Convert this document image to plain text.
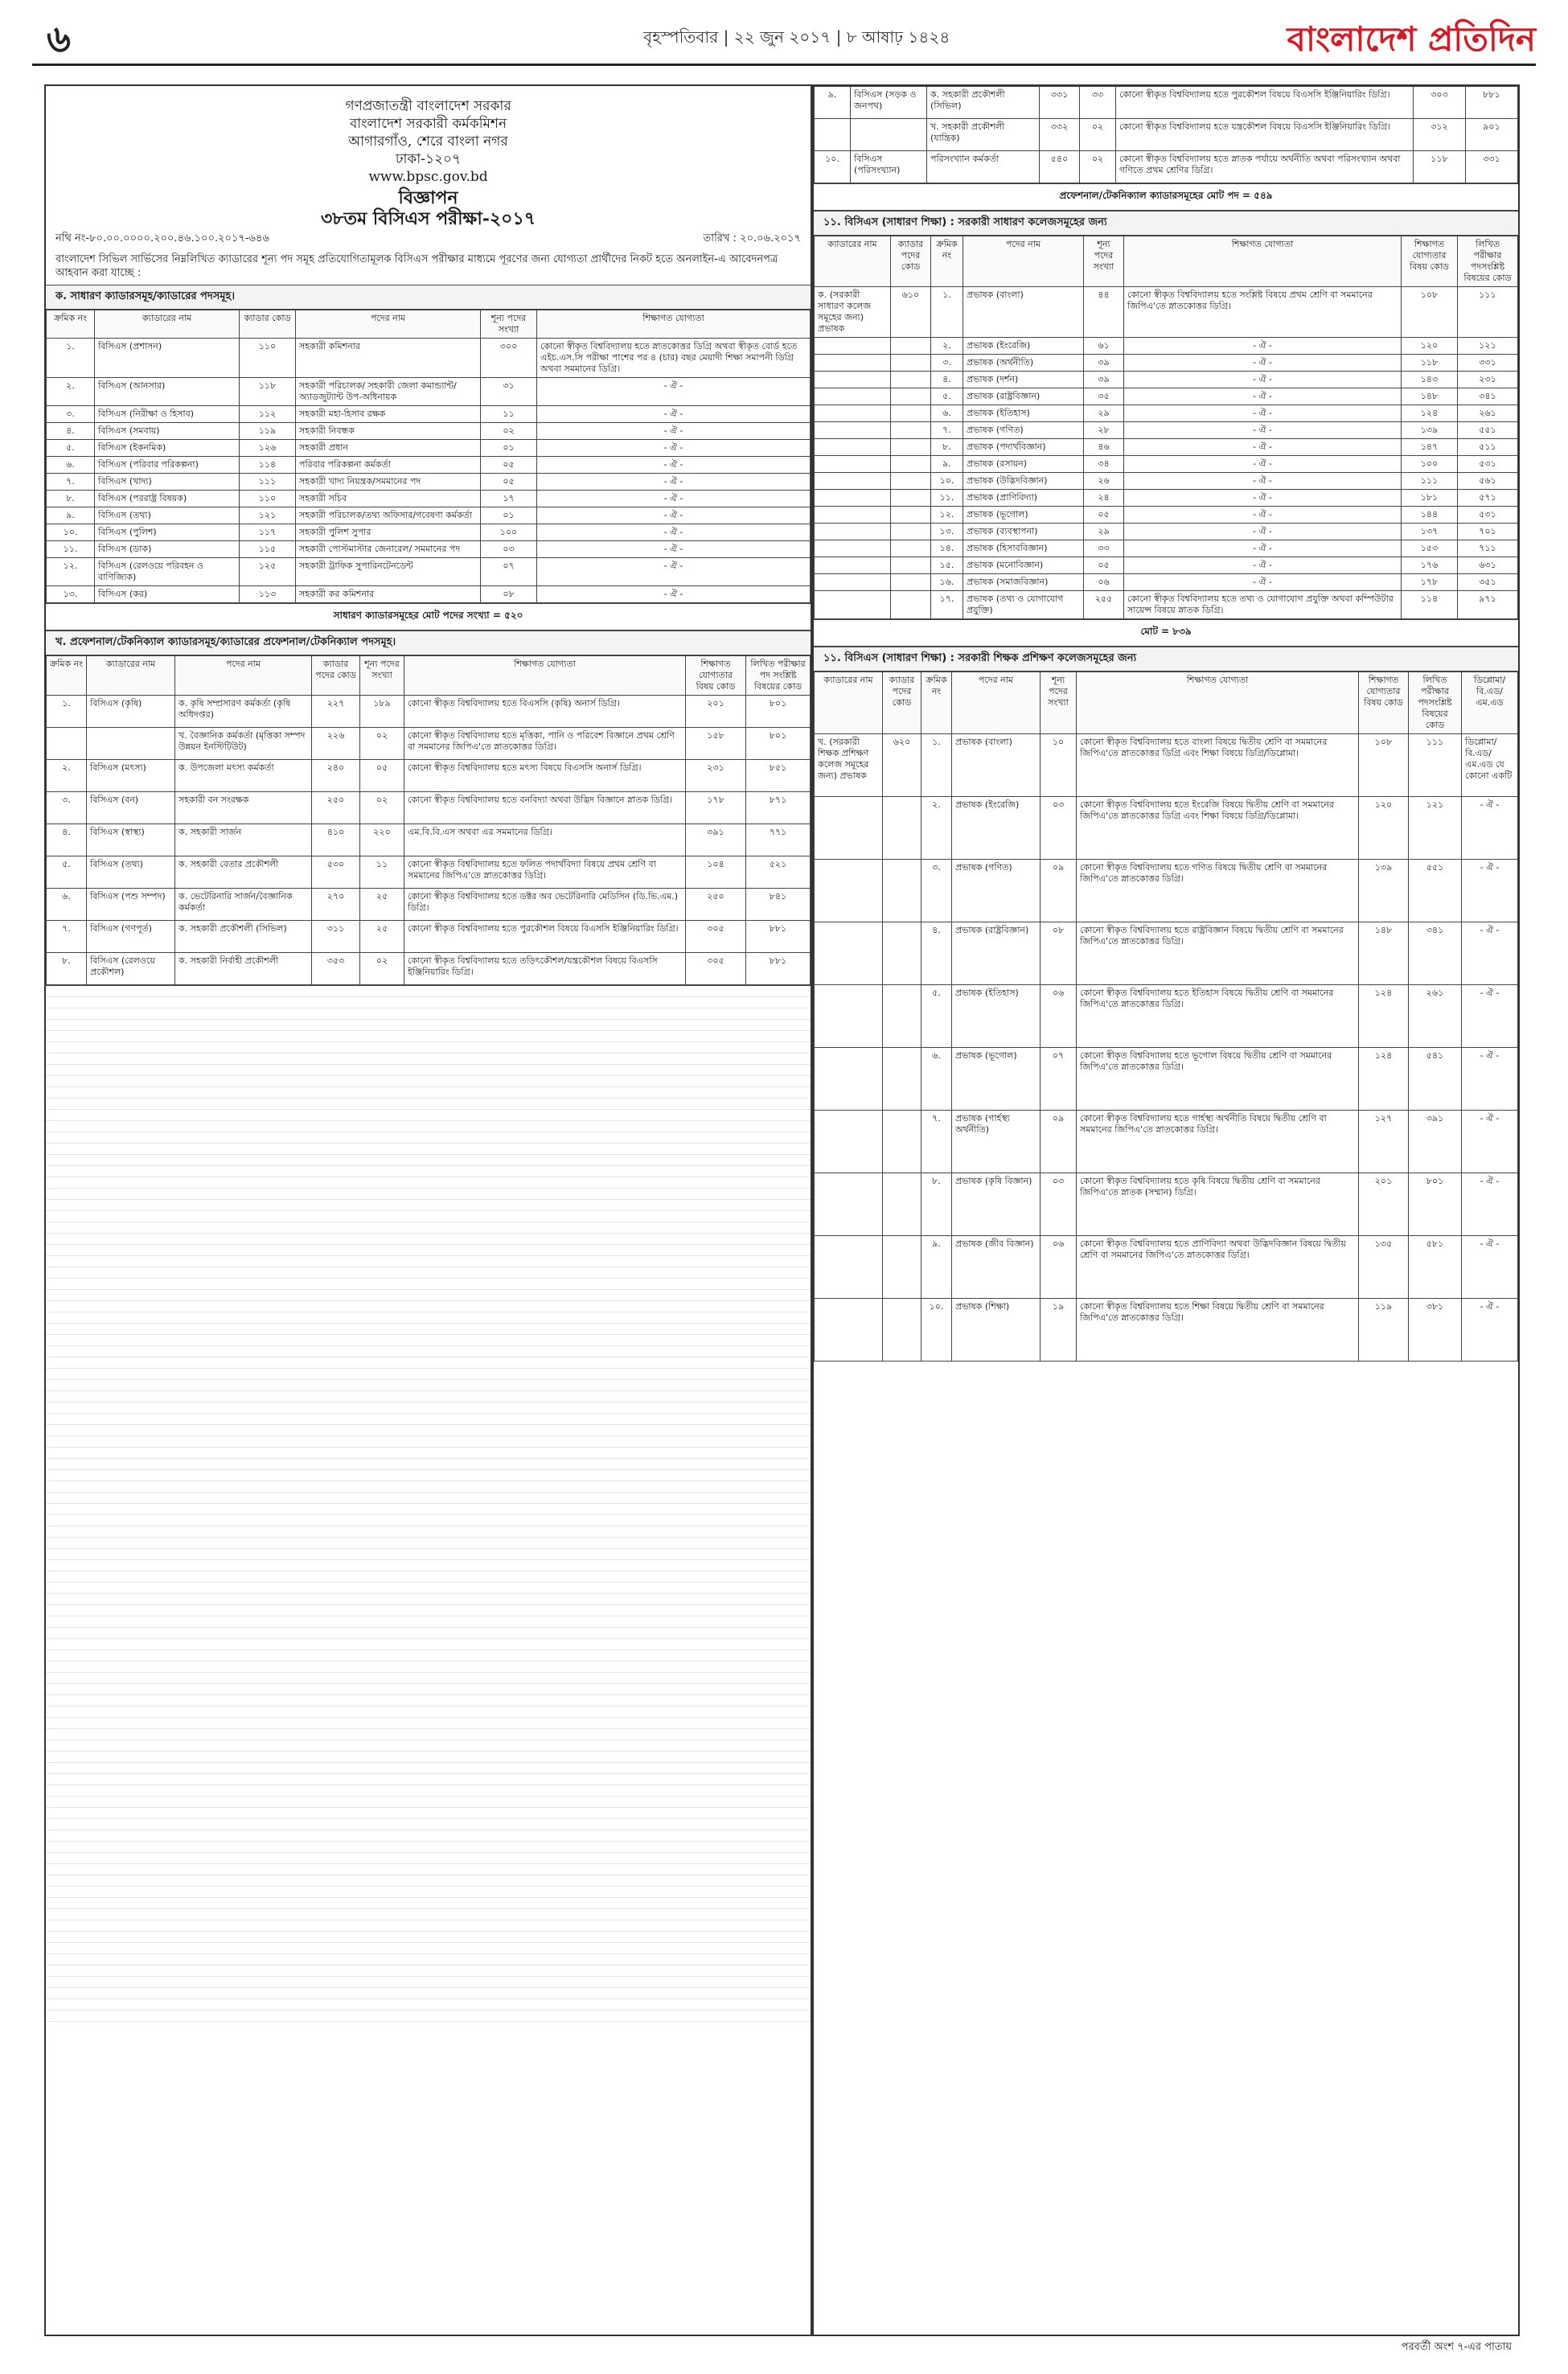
৬	বৃহস্পতিবার | ২২ জুন ২০১৭ | ৮ আষাঢ় ১৪২৪	বাংলাদেশ প্রতিদিন
গণপ্রজাতন্ত্রী বাংলাদেশ সরকার
বাংলাদেশ সরকারী কর্মকমিশন
আগারগাঁও, শেরে বাংলা নগর
ঢাকা-১২০৭
www.bpsc.gov.bd
বিজ্ঞাপন
৩৮তম বিসিএস পরীক্ষা-২০১৭
নথি নং-৮০.০০.০০০০.২০০.৪৬.১০০.২০১৭-৬৪৬	তারিখ : ২০.০৬.২০১৭
বাংলাদেশ সিভিল সার্ভিসের নিম্নলিখিত ক্যাডারের শূন্য পদ সমূহ প্রতিযোগিতামূলক বিসিএস পরীক্ষার মাধ্যমে পূরণের জন্য যোগ্যতা প্রার্থীদের নিকট হতে অনলাইন-এ আবেদনপত্র আহবান করা যাচ্ছে :
ক. সাধারণ ক্যাডারসমূহ/ক্যাডারের পদসমূহ।
ক্রমিক নং	ক্যাডারের নাম	ক্যাডার কোড	পদের নাম	শূন্য পদের সংখ্যা	শিক্ষাগত যোগ্যতা
১.	বিসিএস (প্রশাসন)	১১০	সহকারী কমিশনার	৩০০	কোনো স্বীকৃত বিশ্ববিদ্যালয় হতে স্নাতকোত্তর ডিগ্রি অথবা স্বীকৃত বোর্ড হতে এইচ.এস.সি পরীক্ষা পাশের পর ৪ (চার) বছর মেয়াদী শিক্ষা সমাপনী ডিগ্রি অথবা সমমানের ডিগ্রি।
২.	বিসিএস (আনসার)	১১৮	সহকারী পরিচালক/ সহকারী জেলা কমান্ড্যান্ট/অ্যাডজুট্যান্ট উপ-অধিনায়ক	৩১	- ঐ -
৩.	বিসিএস (নিরীক্ষা ও হিসাব)	১১২	সহকারী মহা-হিসাব রক্ষক	১১	- ঐ -
৪.	বিসিএস (সমবায়)	১১৯	সহকারী নিবন্ধক	০২	- ঐ -
৫.	বিসিএস (ইকনমিক)	১২৬	সহকারী প্রধান	০১	- ঐ -
৬.	বিসিএস (পরিবার পরিকল্পনা)	১১৪	পরিবার পরিকল্পনা কর্মকর্তা	০৫	- ঐ -
৭.	বিসিএস (খাদ্য)	১১১	সহকারী খাদ্য নিয়ন্ত্রক/সমমানের পদ	০৫	- ঐ -
৮.	বিসিএস (পররাষ্ট্র বিষয়ক)	১১০	সহকারী সচিব	১৭	- ঐ -
৯.	বিসিএস (তথ্য)	১২১	সহকারী পরিচালক/তথ্য অফিসার/গবেষণা কর্মকর্তা	০১	- ঐ -
১০.	বিসিএস (পুলিশ)	১১৭	সহকারী পুলিশ সুপার	১০০	- ঐ -
১১.	বিসিএস (ডাক)	১১৫	সহকারী পোস্টমাস্টার জেনারেল/ সমমানের পদ	০৩	- ঐ -
১২.	বিসিএস (রেলওয়ে পরিবহন ও বাণিজ্যিক)	১২৫	সহকারী ট্রাফিক সুপারিনটেনডেন্ট	০৭	- ঐ -
১৩.	বিসিএস (কর)	১১৩	সহকারী কর কমিশনার	০৮	- ঐ -
সাধারণ ক্যাডারসমূহের মোট পদের সংখ্যা = ৫২০
খ. প্রফেশনাল/টেকনিক্যাল ক্যাডারসমূহ/ক্যাডারের প্রফেশনাল/টেকনিক্যাল পদসমূহ।
ক্রমিক নং	ক্যাডারের নাম	পদের নাম	ক্যাডার পদের কোড	শূন্য পদের সংখ্যা	শিক্ষাগত যোগ্যতা	শিক্ষাগত যোগ্যতার বিষয় কোড	লিখিত পরীক্ষার পদ সংশ্লিষ্ট বিষয়ের কোড
১.	বিসিএস (কৃষি)	ক. কৃষি সম্প্রসারণ কর্মকর্তা (কৃষি অধিদপ্তর)	২২৭	১৮৯	কোনো স্বীকৃত বিশ্ববিদ্যালয় হতে বিএসসি (কৃষি) অনার্স ডিগ্রি।	২০১	৮০১
		খ. বৈজ্ঞানিক কর্মকর্তা (মৃত্তিকা সম্পদ উন্নয়ন ইনস্টিটিউট)	২২৬	০২	কোনো স্বীকৃত বিশ্ববিদ্যালয় হতে মৃত্তিকা, পানি ও পরিবেশ বিজ্ঞানে প্রথম শ্রেণি বা সমমানের জিপিএ'তে স্নাতকোত্তর ডিগ্রি।	১৫৮	৮০১
২.	বিসিএস (মৎস্য)	ক. উপজেলা মৎস্য কর্মকর্তা	২৪০	০৫	কোনো স্বীকৃত বিশ্ববিদ্যালয় হতে মৎস্য বিষয়ে বিএসসি অনার্স ডিগ্রি।	২৩১	৮৫১
৩.	বিসিএস (বন)	সহকারী বন সংরক্ষক	২৫০	০২	কোনো স্বীকৃত বিশ্ববিদ্যালয় হতে বনবিদ্যা অথবা উদ্ভিদ বিজ্ঞানে স্নাতক ডিগ্রি।	১৭৮	৮৭১
৪.	বিসিএস (স্বাস্থ্য)	ক. সহকারী সার্জন	৪১০	২২০	এম.বি.বি.এস অথবা এর সমমানের ডিগ্রি।	৩৯১	৭৭১
৫.	বিসিএস (তথ্য)	ক. সহকারী বেতার প্রকৌশলী	৫৩০	১১	কোনো স্বীকৃত বিশ্ববিদ্যালয় হতে ফলিত পদার্থবিদ্যা বিষয়ে প্রথম শ্রেণি বা সমমানের জিপিএ'তে স্নাতকোত্তর ডিগ্রি।	১০৪	৫২১
৬.	বিসিএস (পশু সম্পদ)	ক. ভেটেরিনারি সার্জন/বৈজ্ঞানিক কর্মকর্তা	২৭০	২৫	কোনো স্বীকৃত বিশ্ববিদ্যালয় হতে ডক্টর অব ভেটেরিনারি মেডিসিন (ডি.ভি.এম.) ডিগ্রি।	২৫০	৮৪১
৭.	বিসিএস (গণপূর্ত)	ক. সহকারী প্রকৌশলী (সিভিল)	৩১১	২৫	কোনো স্বীকৃত বিশ্ববিদ্যালয় হতে পুরকৌশল বিষয়ে বিএসসি ইঞ্জিনিয়ারিং ডিগ্রি।	৩০৫	৮৮১
৮.	বিসিএস (রেলওয়ে প্রকৌশল)	ক. সহকারী নির্বাহী প্রকৌশলী	৩৫৩	০২	কোনো স্বীকৃত বিশ্ববিদ্যালয় হতে তড়িৎকৌশল/যন্ত্রকৌশল বিষয়ে বিএসসি ইঞ্জিনিয়ারিং ডিগ্রি।	৩০৫	৮৮১
৯.	বিসিএস (সড়ক ও জনপথ)	ক. সহকারী প্রকৌশলী (সিভিল)	৩৩১	৩৩	কোনো স্বীকৃত বিশ্ববিদ্যালয় হতে পুরকৌশল বিষয়ে বিএসসি ইঞ্জিনিয়ারিং ডিগ্রি।	৩০৩	৮৮১
		খ. সহকারী প্রকৌশলী (যান্ত্রিক)	৩৩২	০২	কোনো স্বীকৃত বিশ্ববিদ্যালয় হতে যন্ত্রকৌশল বিষয়ে বিএসসি ইঞ্জিনিয়ারিং ডিগ্রি।	৩১২	৯০১
১০.	বিসিএস (পরিসংখ্যান)	পরিসংখ্যান কর্মকর্তা	৫৪০	০২	কোনো স্বীকৃত বিশ্ববিদ্যালয় হতে স্নাতক পর্যায়ে অর্থনীতি অথবা পরিসংখ্যান অথবা গণিতে প্রথম শ্রেণির ডিগ্রি।	১১৮	৩৩১
প্রফেশনাল/টেকনিক্যাল ক্যাডারসমূহের মোট পদ = ৫৪৯
১১. বিসিএস (সাধারণ শিক্ষা) : সরকারী সাধারণ কলেজসমূহের জন্য
ক্যাডারের নাম	ক্যাডার পদের কোড	ক্রমিক নং	পদের নাম	শূন্য পদের সংখ্যা	শিক্ষাগত যোগ্যতা	শিক্ষাগত যোগ্যতার বিষয় কোড	লিখিত পরীক্ষার পদসংশ্লিষ্ট বিষয়ের কোড
ক. (সরকারী সাধারণ কলেজ সমূহের জন্য) প্রভাষক	৬১০	১.	প্রভাষক (বাংলা)	৪৪	কোনো স্বীকৃত বিশ্ববিদ্যালয় হতে সংশ্লিষ্ট বিষয়ে প্রথম শ্রেণি বা সমমানের জিপিএ'তে স্নাতকোত্তর ডিগ্রি।	১০৮	১১১
		২.	প্রভাষক (ইংরেজি)	৬১	- ঐ -	১২০	১২১
		৩.	প্রভাষক (অর্থনীতি)	৩৯	- ঐ -	১১৮	৩৩১
		৪.	প্রভাষক (দর্শন)	৩৯	- ঐ -	১৪৩	২৩১
		৫.	প্রভাষক (রাষ্ট্রবিজ্ঞান)	৩৫	- ঐ -	১৪৮	৩৪১
		৬.	প্রভাষক (ইতিহাস)	২৯	- ঐ -	১২৪	২৬১
		৭.	প্রভাষক (গণিত)	২৮	- ঐ -	১৩৯	৫৫১
		৮.	প্রভাষক (পদার্থবিজ্ঞান)	৪৬	- ঐ -	১৪৭	৫১১
		৯.	প্রভাষক (রসায়ন)	৩৪	- ঐ -	১০০	৫৩১
		১০.	প্রভাষক (উদ্ভিদবিজ্ঞান)	২৬	- ঐ -	১১১	৫৬১
		১১.	প্রভাষক (প্রাণিবিদ্যা)	২৪	- ঐ -	১৮১	৫৭১
		১২.	প্রভাষক (ভূগোল)	০৫	- ঐ -	১৪৪	৫৩১
		১৩.	প্রভাষক (ব্যবস্থাপনা)	২৯	- ঐ -	১৩৭	৭০১
		১৪.	প্রভাষক (হিসাববিজ্ঞান)	৩৩	- ঐ -	১৫৩	৭১১
		১৫.	প্রভাষক (মনোবিজ্ঞান)	০৫	- ঐ -	১৭৬	৬৩১
		১৬.	প্রভাষক (সমাজবিজ্ঞান)	০৬	- ঐ -	১৭৮	৩৫১
		১৭.	প্রভাষক (তথ্য ও যোগাযোগ প্রযুক্তি)	২৫৫	কোনো স্বীকৃত বিশ্ববিদ্যালয় হতে তথ্য ও যোগাযোগ প্রযুক্তি অথবা কম্পিউটার সায়েন্স বিষয়ে স্নাতক ডিগ্রি।	১১৪	৯৭১
মোট = ৮৩৯
১১. বিসিএস (সাধারণ শিক্ষা) : সরকারী শিক্ষক প্রশিক্ষণ কলেজসমূহের জন্য
ক্যাডারের নাম	ক্যাডার পদের কোড	ক্রমিক নং	পদের নাম	শূন্য পদের সংখ্যা	শিক্ষাগত যোগ্যতা	শিক্ষাগত যোগ্যতার বিষয় কোড	লিখিত পরীক্ষার পদসংশ্লিষ্ট বিষয়ের কোড	ডিপ্লোমা/বি.এড/এম.এড
খ. (সরকারী শিক্ষক প্রশিক্ষণ কলেজ সমূহের জন্য) প্রভাষক	৬২০	১.	প্রভাষক (বাংলা)	১০	কোনো স্বীকৃত বিশ্ববিদ্যালয় হতে বাংলা বিষয়ে দ্বিতীয় শ্রেণি বা সমমানের জিপিএ'তে স্নাতকোত্তর ডিগ্রি এবং শিক্ষা বিষয়ে ডিগ্রি/ডিপ্লোমা।	১০৮	১১১	ডিপ্লোমা/বি.এড/এম.এড যে কোনো একটি
		২.	প্রভাষক (ইংরেজি)	০৩	কোনো স্বীকৃত বিশ্ববিদ্যালয় হতে ইংরেজি বিষয়ে দ্বিতীয় শ্রেণি বা সমমানের জিপিএ'তে স্নাতকোত্তর ডিগ্রি এবং শিক্ষা বিষয়ে ডিগ্রি/ডিপ্লোমা।	১২০	১২১	- ঐ -
		৩.	প্রভাষক (গণিত)	০৯	কোনো স্বীকৃত বিশ্ববিদ্যালয় হতে গণিত বিষয়ে দ্বিতীয় শ্রেণি বা সমমানের জিপিএ'তে স্নাতকোত্তর ডিগ্রি।	১৩৯	৫৫১	- ঐ -
		৪.	প্রভাষক (রাষ্ট্রবিজ্ঞান)	০৮	কোনো স্বীকৃত বিশ্ববিদ্যালয় হতে রাষ্ট্রবিজ্ঞান বিষয়ে দ্বিতীয় শ্রেণি বা সমমানের জিপিএ'তে স্নাতকোত্তর ডিগ্রি।	১৪৮	৩৪১	- ঐ -
		৫.	প্রভাষক (ইতিহাস)	০৬	কোনো স্বীকৃত বিশ্ববিদ্যালয় হতে ইতিহাস বিষয়ে দ্বিতীয় শ্রেণি বা সমমানের জিপিএ'তে স্নাতকোত্তর ডিগ্রি।	১২৪	২৬১	- ঐ -
		৬.	প্রভাষক (ভূগোল)	০৭	কোনো স্বীকৃত বিশ্ববিদ্যালয় হতে ভূগোল বিষয়ে দ্বিতীয় শ্রেণি বা সমমানের জিপিএ'তে স্নাতকোত্তর ডিগ্রি।	১২৪	৫৪১	- ঐ -
		৭.	প্রভাষক (গার্হস্থ্য অর্থনীতি)	০৯	কোনো স্বীকৃত বিশ্ববিদ্যালয় হতে গার্হস্থ্য অর্থনীতি বিষয়ে দ্বিতীয় শ্রেণি বা সমমানের জিপিএ'তে স্নাতকোত্তর ডিগ্রি।	১২৭	৩৯১	- ঐ -
		৮.	প্রভাষক (কৃষি বিজ্ঞান)	০৩	কোনো স্বীকৃত বিশ্ববিদ্যালয় হতে কৃষি বিষয়ে দ্বিতীয় শ্রেণি বা সমমানের জিপিএ'তে স্নাতক (সম্মান) ডিগ্রি।	২০১	৮০১	- ঐ -
		৯.	প্রভাষক (জীব বিজ্ঞান)	০৬	কোনো স্বীকৃত বিশ্ববিদ্যালয় হতে প্রাণিবিদ্যা অথবা উদ্ভিদবিজ্ঞান বিষয়ে দ্বিতীয় শ্রেণি বা সমমানের জিপিএ'তে স্নাতকোত্তর ডিগ্রি।	১৩৫	৫৮১	- ঐ -
		১০.	প্রভাষক (শিক্ষা)	১৯	কোনো স্বীকৃত বিশ্ববিদ্যালয় হতে শিক্ষা বিষয়ে দ্বিতীয় শ্রেণি বা সমমানের জিপিএ'তে স্নাতকোত্তর ডিগ্রি।	১১৯	৩৮১	- ঐ -
পরবর্তী অংশ ৭-এর পাতায়
